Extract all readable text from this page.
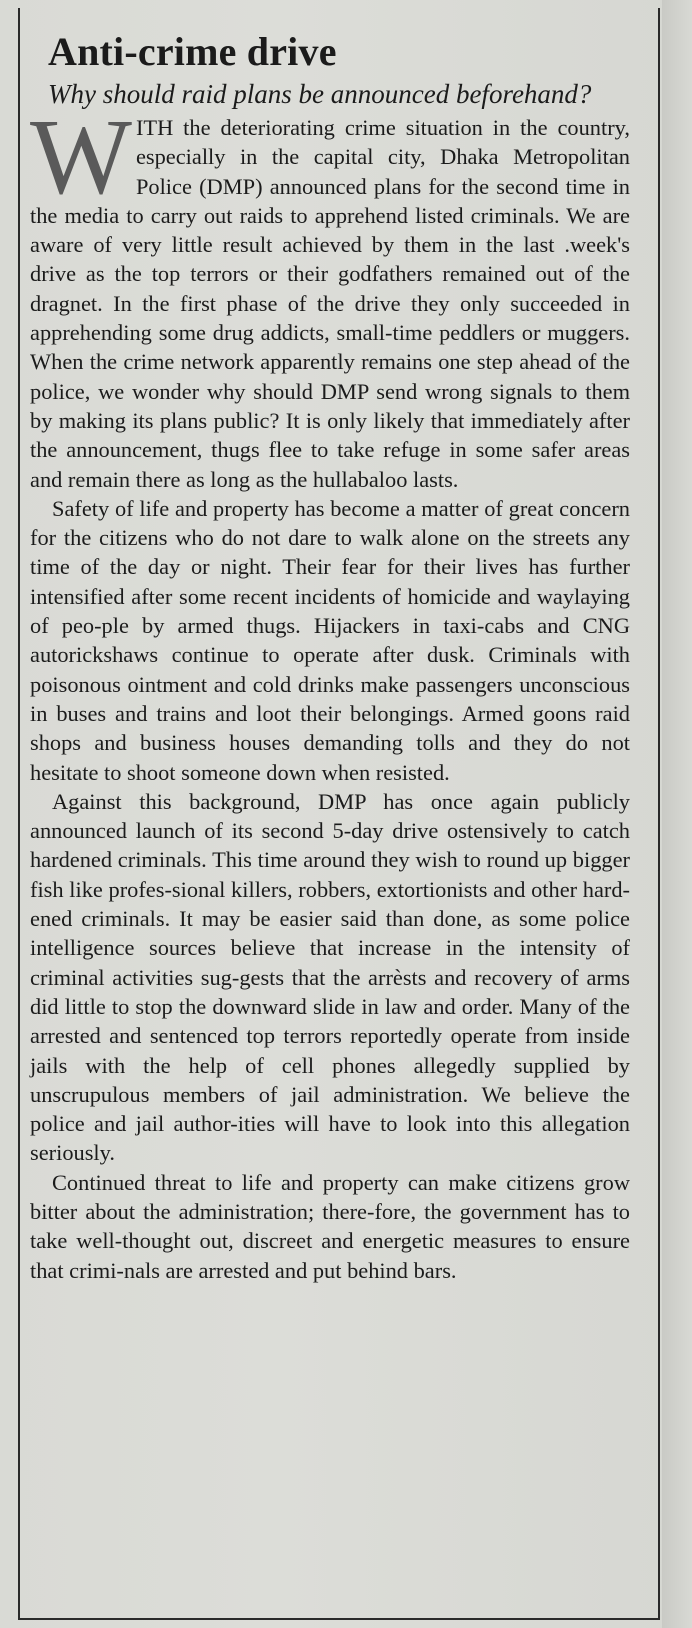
Anti-crime drive
Why should raid plans be announced beforehand?

WITH the deteriorating crime situation in the country, especially in the capital city, Dhaka Metropolitan Police (DMP) announced plans for the second time in the media to carry out raids to apprehend listed criminals. We are aware of very little result achieved by them in the last .week's drive as the top terrors or their godfathers remained out of the dragnet. In the first phase of the drive they only succeeded in apprehending some drug addicts, small-time peddlers or muggers. When the crime network apparently remains one step ahead of the police, we wonder why should DMP send wrong signals to them by making its plans public? It is only likely that immediately after the announcement, thugs flee to take refuge in some safer areas and remain there as long as the hullabaloo lasts.

Safety of life and property has become a matter of great concern for the citizens who do not dare to walk alone on the streets any time of the day or night. Their fear for their lives has further intensified after some recent incidents of homicide and waylaying of peo-ple by armed thugs. Hijackers in taxi-cabs and CNG autorickshaws continue to operate after dusk. Criminals with poisonous ointment and cold drinks make passengers unconscious in buses and trains and loot their belongings. Armed goons raid shops and business houses demanding tolls and they do not hesitate to shoot someone down when resisted.

Against this background, DMP has once again publicly announced launch of its second 5-day drive ostensively to catch hardened criminals. This time around they wish to round up bigger fish like profes-sional killers, robbers, extortionists and other hard-ened criminals. It may be easier said than done, as some police intelligence sources believe that increase in the intensity of criminal activities sug-gests that the arrèsts and recovery of arms did little to stop the downward slide in law and order. Many of the arrested and sentenced top terrors reportedly operate from inside jails with the help of cell phones allegedly supplied by unscrupulous members of jail administration. We believe the police and jail author-ities will have to look into this allegation seriously.

Continued threat to life and property can make citizens grow bitter about the administration; there-fore, the government has to take well-thought out, discreet and energetic measures to ensure that crimi-nals are arrested and put behind bars.
